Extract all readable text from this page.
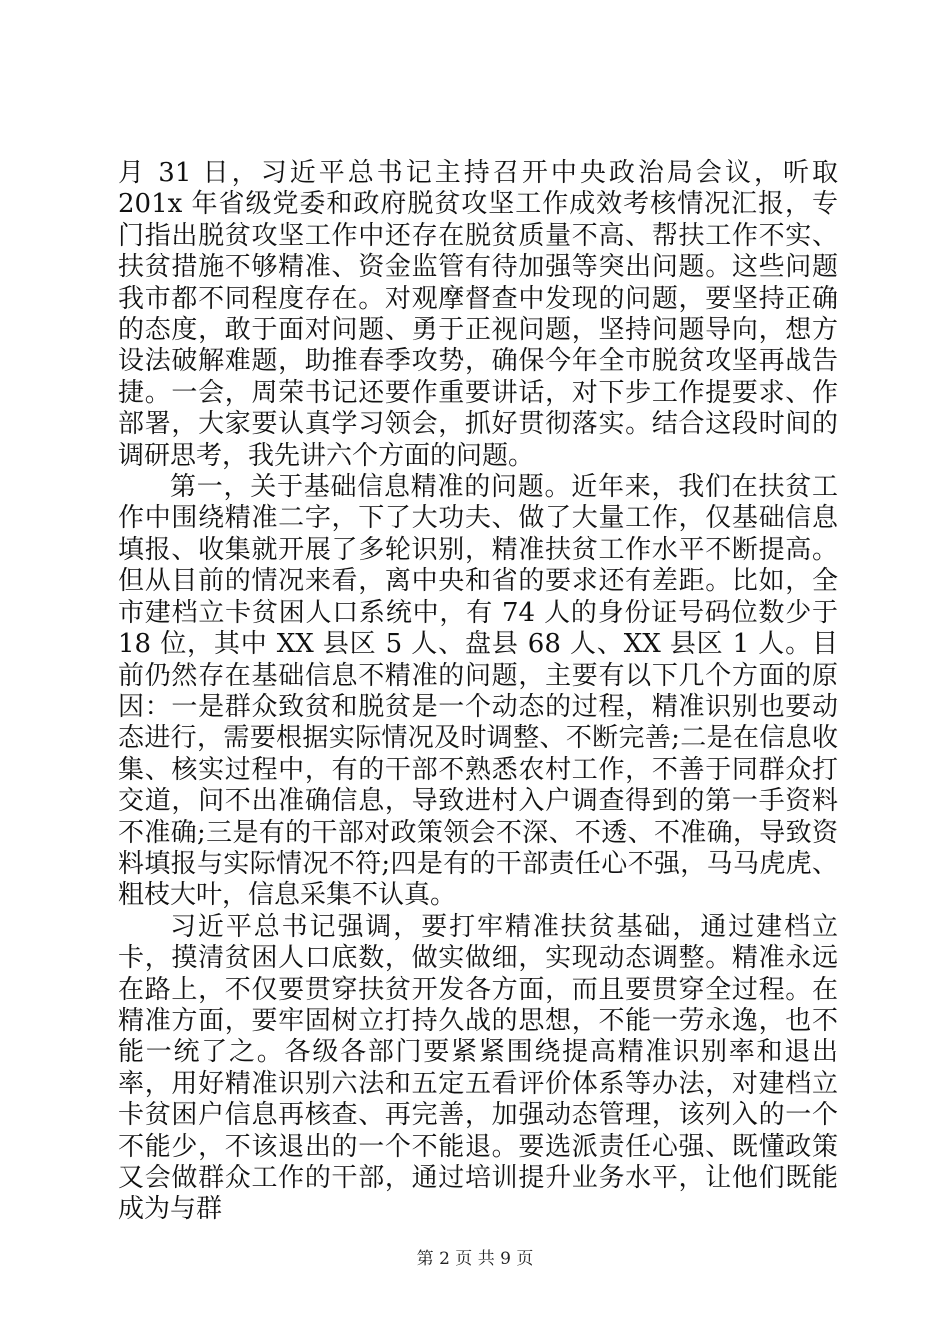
月 31 日，习近平总书记主持召开中央政治局会议，听取 201x 年省级党委和政府脱贫攻坚工作成效考核情况汇报，专门指出脱贫攻坚工作中还存在脱贫质量不高、帮扶工作不实、扶贫措施不够精准、资金监管有待加强等突出问题。这些问题我市都不同程度存在。对观摩督查中发现的问题，要坚持正确的态度，敢于面对问题、勇于正视问题，坚持问题导向，想方设法破解难题，助推春季攻势，确保今年全市脱贫攻坚再战告捷。一会，周荣书记还要作重要讲话，对下步工作提要求、作部署，大家要认真学习领会，抓好贯彻落实。结合这段时间的调研思考，我先讲六个方面的问题。

第一，关于基础信息精准的问题。近年来，我们在扶贫工作中围绕精准二字，下了大功夫、做了大量工作，仅基础信息填报、收集就开展了多轮识别，精准扶贫工作水平不断提高。但从目前的情况来看，离中央和省的要求还有差距。比如，全市建档立卡贫困人口系统中，有 74 人的身份证号码位数少于 18 位，其中 XX 县区 5 人、盘县 68 人、XX 县区 1 人。目前仍然存在基础信息不精准的问题，主要有以下几个方面的原因：一是群众致贫和脱贫是一个动态的过程，精准识别也要动态进行，需要根据实际情况及时调整、不断完善;二是在信息收集、核实过程中，有的干部不熟悉农村工作，不善于同群众打交道，问不出准确信息，导致进村入户调查得到的第一手资料不准确;三是有的干部对政策领会不深、不透、不准确，导致资料填报与实际情况不符;四是有的干部责任心不强，马马虎虎、粗枝大叶，信息采集不认真。

习近平总书记强调，要打牢精准扶贫基础，通过建档立卡，摸清贫困人口底数，做实做细，实现动态调整。精准永远在路上，不仅要贯穿扶贫开发各方面，而且要贯穿全过程。在精准方面，要牢固树立打持久战的思想，不能一劳永逸，也不能一统了之。各级各部门要紧紧围绕提高精准识别率和退出率，用好精准识别六法和五定五看评价体系等办法，对建档立卡贫困户信息再核查、再完善，加强动态管理，该列入的一个不能少，不该退出的一个不能退。要选派责任心强、既懂政策又会做群众工作的干部，通过培训提升业务水平，让他们既能成为与群

第 2 页 共 9 页
